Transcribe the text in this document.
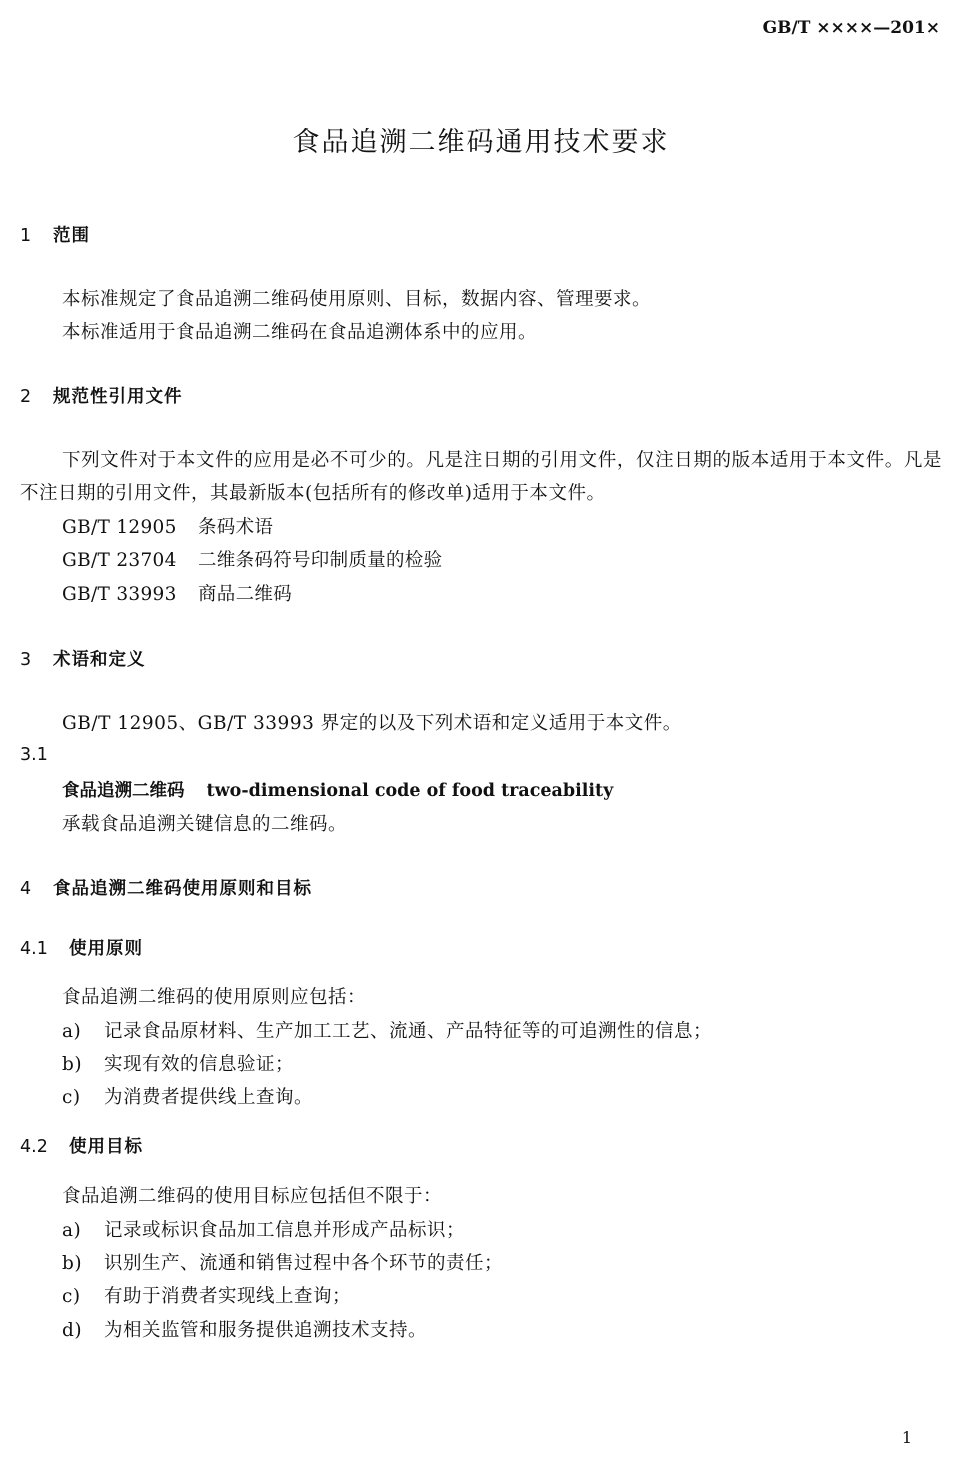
GB/T ××××—201×
食品追溯二维码通用技术要求
1 范围
本标准规定了食品追溯二维码使用原则、目标，数据内容、管理要求。
本标准适用于食品追溯二维码在食品追溯体系中的应用。
2 规范性引用文件
下列文件对于本文件的应用是必不可少的。凡是注日期的引用文件，仅注日期的版本适用于本文件。凡是不注日期的引用文件，其最新版本(包括所有的修改单)适用于本文件。
GB/T 12905 条码术语
GB/T 23704 二维条码符号印制质量的检验
GB/T 33993 商品二维码
3 术语和定义
GB/T 12905、GB/T 33993 界定的以及下列术语和定义适用于本文件。
3.1
食品追溯二维码 two-dimensional code of food traceability
承载食品追溯关键信息的二维码。
4 食品追溯二维码使用原则和目标
4.1 使用原则
食品追溯二维码的使用原则应包括：
a) 记录食品原材料、生产加工工艺、流通、产品特征等的可追溯性的信息；
b) 实现有效的信息验证；
c) 为消费者提供线上查询。
4.2 使用目标
食品追溯二维码的使用目标应包括但不限于：
a) 记录或标识食品加工信息并形成产品标识；
b) 识别生产、流通和销售过程中各个环节的责任；
c) 有助于消费者实现线上查询；
d) 为相关监管和服务提供追溯技术支持。
1
